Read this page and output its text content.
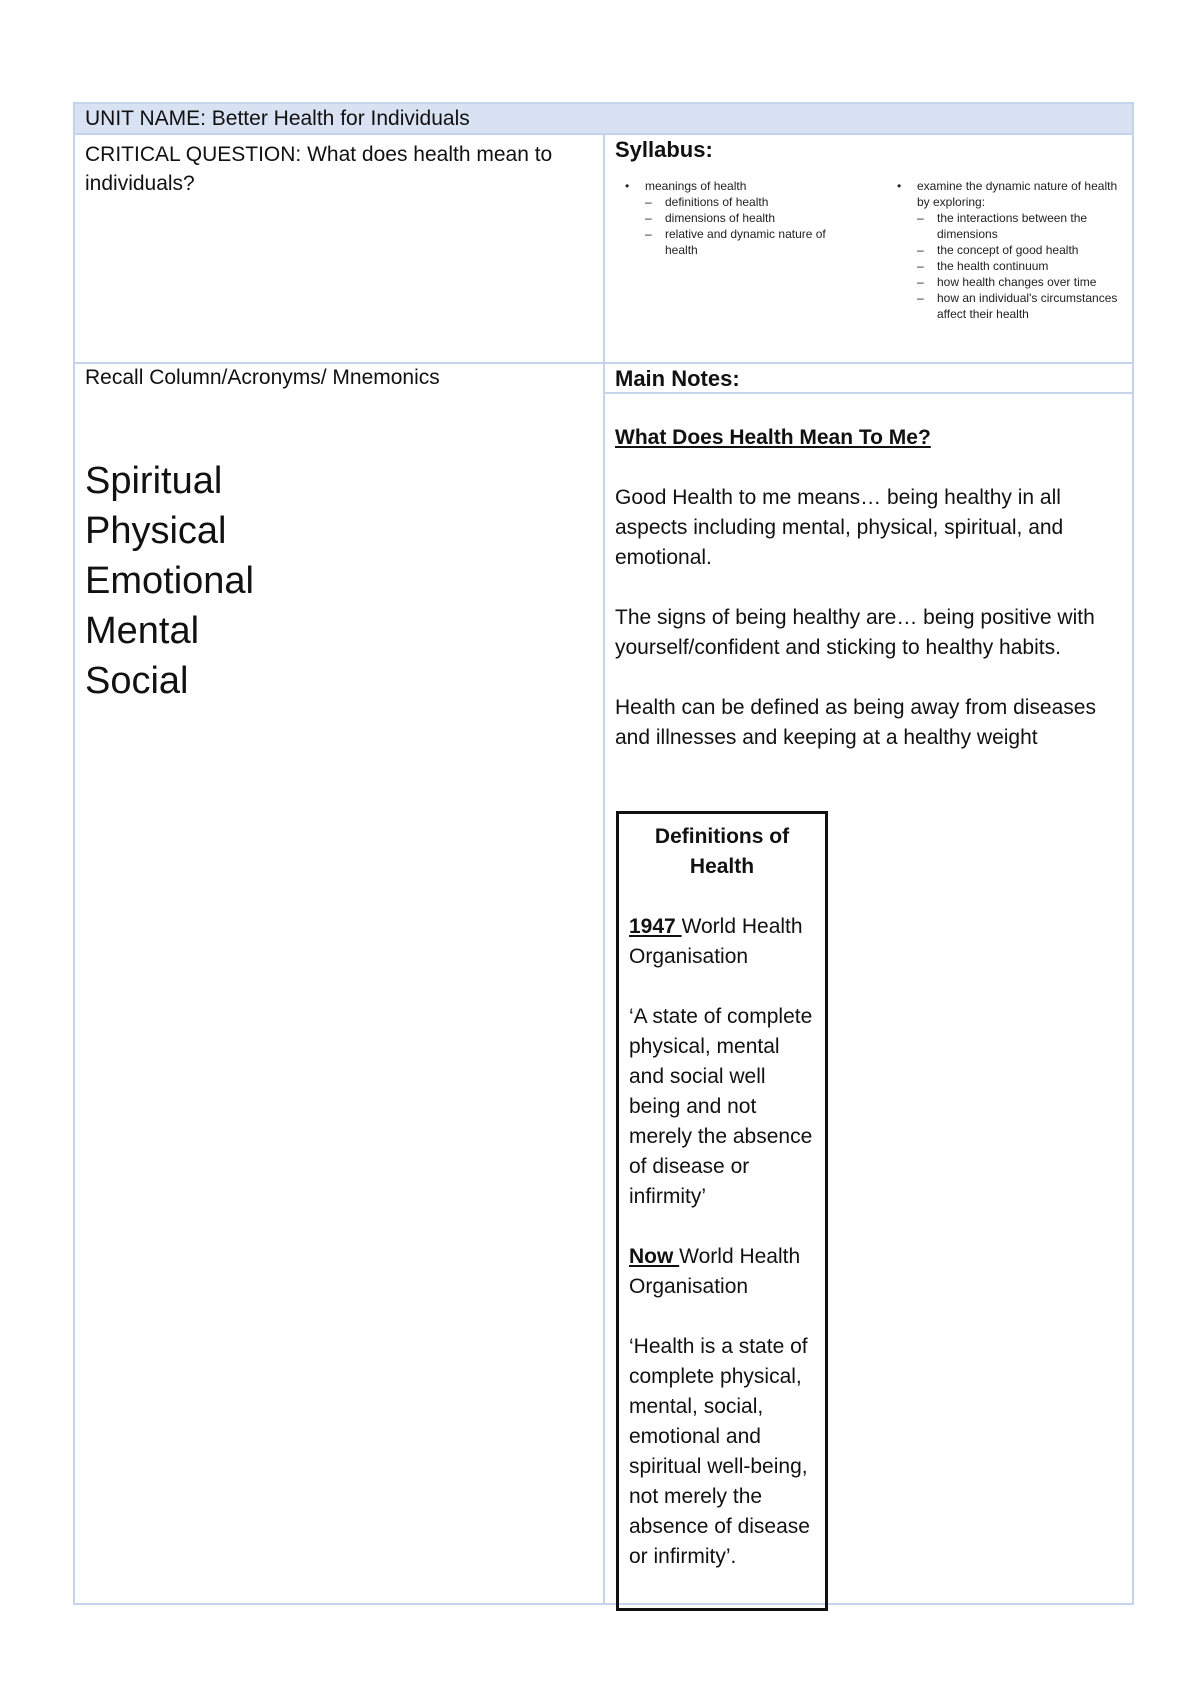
UNIT NAME: Better Health for Individuals
CRITICAL QUESTION: What does health mean to individuals?
Syllabus:
• meanings of health
– definitions of health
– dimensions of health
– relative and dynamic nature of health
• examine the dynamic nature of health by exploring:
– the interactions between the dimensions
– the concept of good health
– the health continuum
– how health changes over time
– how an individual's circumstances affect their health
Recall Column/Acronyms/ Mnemonics
Spiritual
Physical
Emotional
Mental
Social
Main Notes:

What Does Health Mean To Me?

Good Health to me means… being healthy in all aspects including mental, physical, spiritual, and emotional.

The signs of being healthy are… being positive with yourself/confident and sticking to healthy habits.

Health can be defined as being away from diseases and illnesses and keeping at a healthy weight

Definitions of Health

1947 World Health Organisation

‘A state of complete physical, mental and social well being and not merely the absence of disease or infirmity’

Now World Health Organisation

‘Health is a state of complete physical, mental, social, emotional and spiritual well-being, not merely the absence of disease or infirmity’.
